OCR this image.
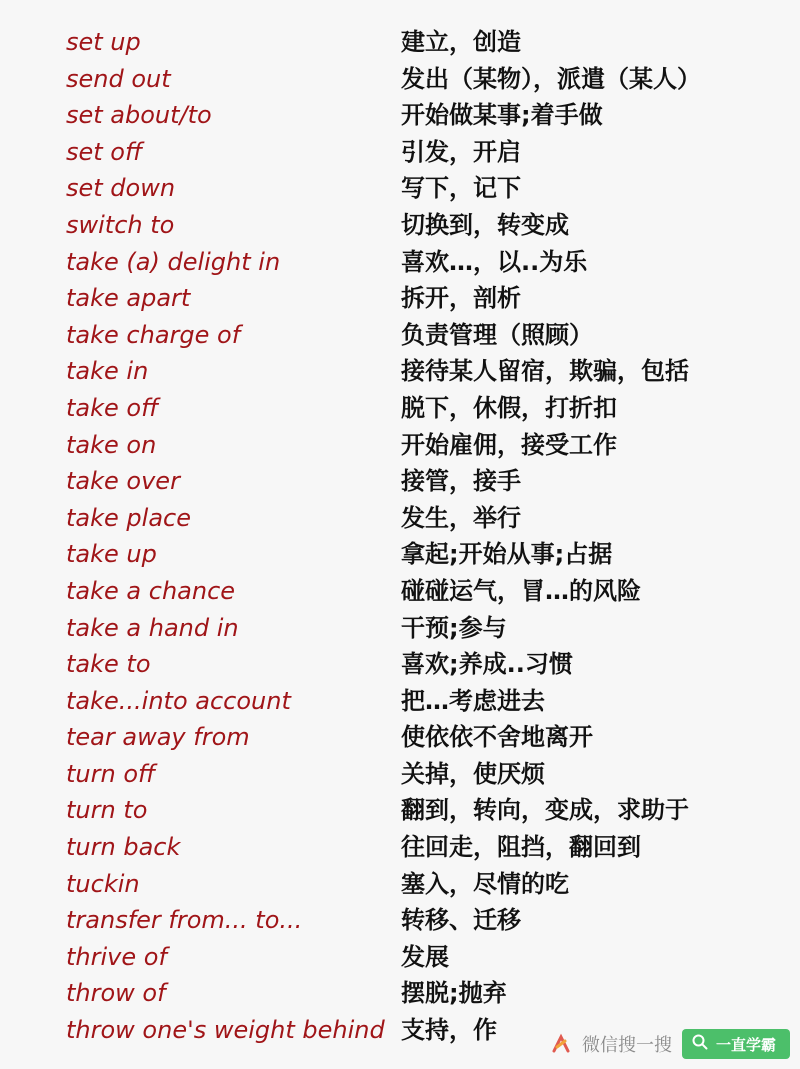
set up	建立，创造
send out	发出（某物），派遣（某人）
set about/to	开始做某事;着手做
set off	引发，开启
set down	写下，记下
switch to	切换到，转变成
take (a) delight in	喜欢…，以..为乐
take apart	拆开，剖析
take charge of	负责管理（照顾）
take in	接待某人留宿，欺骗，包括
take off	脱下，休假，打折扣
take on	开始雇佣，接受工作
take over	接管，接手
take place	发生，举行
take up	拿起;开始从事;占据
take a chance	碰碰运气，冒…的风险
take a hand in	干预;参与
take to	喜欢;养成..习惯
take...into account	把…考虑进去
tear away from	使依依不舍地离开
turn off	关掉，使厌烦
turn to	翻到，转向，变成，求助于
turn back	往回走，阻挡，翻回到
tuckin	塞入，尽情的吃
transfer from... to...	转移、迁移
thrive of	发展
throw of	摆脱;抛弃
throw one's weight behind 支持，作
微信搜一搜	一直学霸
